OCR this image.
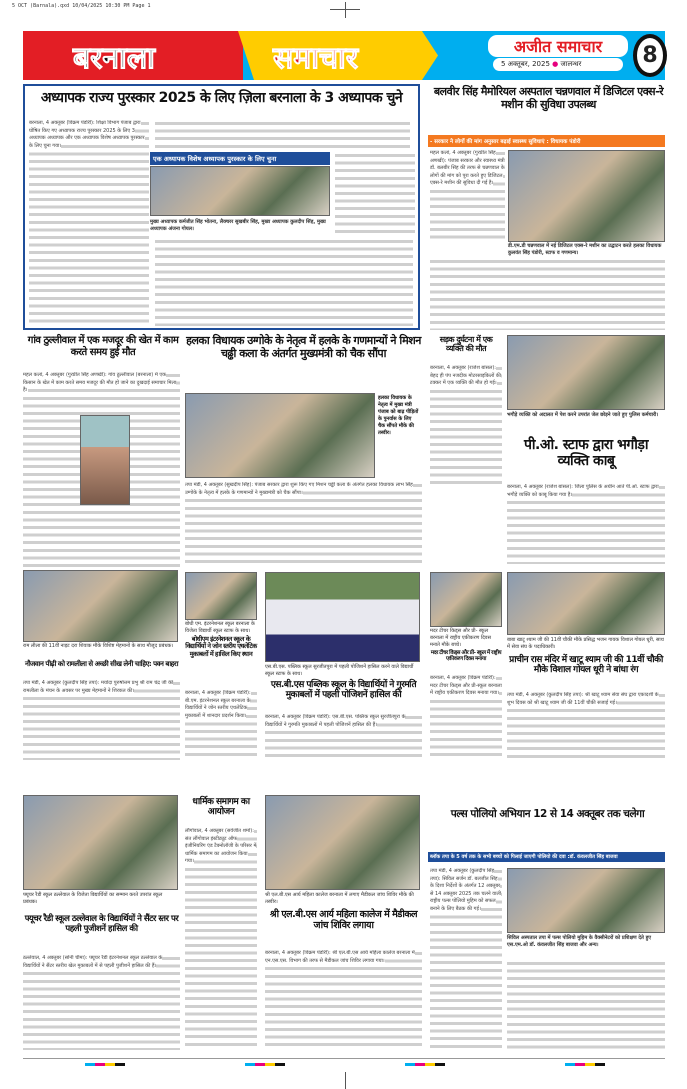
5 OCT (Barnala).qxd 10/04/2025 10:30 PM Page 1
बरनाला	समाचार	अजीत समाचार
5 अक्तूबर, 2025 ● जालन्धर	8
अध्यापक राज्य पुरस्कार 2025 के लिए ज़िला बरनाला के 3 अध्यापक चुने
बरनाला, 4 अक्तूबर (विक्रम पंडोरी): शिक्षा विभाग पंजाब द्वारा घोषित किए गए अध्यापक राज्य पुरस्कार 2025 के लिए 3 अध्यापक अध्यापक और एक अध्यापक विशेष अध्यापक पुरस्कार के लिए चुना गया।
एक अध्यापक विशेष अध्यापक पुरस्कार के लिए चुना
मुख्य अध्यापक कर्मजीत सिंह भोतना, लैक्चरर सुखबीर सिंह, मुख्य अध्यापक कुलदीप सिंह, मुख्य अध्यापक अंजना गोयल।
बलवीर सिंह मैमोरियल अस्पताल चन्नणवाल में डिजिटल एक्स-रे मशीन की सुविधा उपलब्ध
- सरकार ने लोगों की मांग अनुसार बढ़ाई स्वास्थ्य सुविधाएं : विधायक पंडोरी
महल कलां, 4 अक्तूबर (गुरप्रीत सिंह अणखी): पंजाब सरकार और स्वास्थ्य मंत्री डॉ. बलबीर सिंह की तरफ से चन्नणवाल के लोगों की मांग को पूरा करते हुए डिजिटल एक्स-रे मशीन की सुविधा दी गई है।
डी.एम.डी चन्नणवाल में नई डिजिटल एक्स-रे मशीन का उद्घाटन करते हलका विधायक कुलवंत सिंह पंडोरी, स्टाफ व गणमान्य।
गांव ठुल्लीवाल में एक मजदूर की खेत में काम करते समय हुई मौत
महल कलां, 4 अक्तूबर (गुरप्रीत सिंह अणखी): गांव ठुल्लीवाल (बरनाला) में एक किसान के खेत में काम करते समय मजदूर की मौत हो जाने का दुखदाई समाचार मिला है।
हलका विधायक उग्गोके के नेतृत्व में हलके के गणमान्यों ने मिशन चढ्ढी कला के अंतर्गत मुख्यमंत्री को चैक सौंपा
हलका विधायक के नेतृत्व में मुख्य मंत्री पंजाब को बाढ़ पीड़ितों के पुनर्वास के लिए चैक सौंपते मौके की तस्वीर।
तपा मंडी, 4 अक्तूबर (सुखदीप सिंह): पंजाब सरकार द्वारा शुरू किए गए मिशन चढ्ढी कला के अंतर्गत हलका विधायक लाभ सिंह उग्गोके के नेतृत्व में हलके के गणमान्यों ने मुख्यमंत्री को चैक सौंपा।
सड़क दुर्घटना में एक व्यक्ति की मौत
बरनाला, 4 अक्तूबर (राजेश बांसल): बेहद ही पंप नजदीक मोटरसाइकिलों की टक्कर में एक व्यक्ति की मौत हो गई।
भगौड़े व्यक्ति को अदालत में पेश करने उपरांत जेल छोड़ने जाते हुए पुलिस कर्मचारी।
पी.ओ. स्टाफ द्वारा भगौड़ा व्यक्ति काबू
बरनाला, 4 अक्तूबर (राजेश बांसल): जिला पुलिस के अधीन आते पी.ओ. स्टाफ द्वारा भगौड़े व्यक्ति को काबू किया गया है।
राम लीला की 11वीं नाइट दरा शिवाक मौके विशिष्ट मेहमानों के साथ मौजूद प्रबंधक।
नौजवान पीढ़ी को रामलीला से अच्छी सीख लेनी चाहिए: पवन बाहरा
तपा मंडी, 4 अक्तूबर (कुलदीप सिंह तपा): मर्यादा पुरुषोत्तम प्रभु श्री राम चंद्र जी की रामलीला के मंचन के अवसर पर मुख्य मेहमानों ने शिरकत की।
बोधी एम. इंटरनेशनल स्कूल बरनाला के विजेता विद्यार्थी स्कूल स्टाफ के साथ।
बोधीएम इंटरनेशनल स्कूल के विद्यार्थियों ने जोन स्तरीय एथलेटिक मुकाबलों में हासिल किए स्थान
बरनाला, 4 अक्तूबर (विक्रम पंडोरी): बी.एम. इंटरनेशनल स्कूल बरनाला के विद्यार्थियों ने जोन स्तरीय एथलेटिक मुकाबलों में शानदार प्रदर्शन किया।
एस.बी.एस. पब्लिक स्कूल सुरजीतपुरा में पहली पोजिशनें हासिल करने वाले विद्यार्थी स्कूल स्टाफ के साथ।
एस.बी.एस पब्लिक स्कूल के विद्यार्थियों ने गुरमति मुकाबलों में पहली पोजिशनें हासिल की
बरनाला, 4 अक्तूबर (विक्रम पंडोरी): एस.बी.एस. पब्लिक स्कूल सुरजीतपुरा के विद्यार्थियों ने गुरमति मुकाबलों में पहली पोजिशनें हासिल की हैं।
मदर टीचर किड्स और प्री- स्कूल बरनाला में राष्ट्रीय एकीकरण दिवस मनाते मौके बच्चे।
मदर टीचर किड्स और प्री- स्कूल में राष्ट्रीय एकीकरण दिवस मनाया
बरनाला, 4 अक्तूबर (विक्रम पंडोरी): मदर टीचर किड्स और प्री-स्कूल बरनाला में राष्ट्रीय एकीकरण दिवस मनाया गया।
बाबा खाटू श्याम जी की 11वीं चौकी मौके प्रसिद्ध भजन गायक विशाल गोयल धूरी, साथ में सेवा संघ के पदाधिकारी।
प्राचीन रास मंदिर में खाटू श्याम जी की 11वीं चौकी मौके विशाल गोयल धूरी ने बांधा रंग
तपा मंडी, 4 अक्तूबर (कुलदीप सिंह तपा): श्री खाटू श्याम सेवा संघ द्वारा एकादशी के शुभ दिवस को श्री खाटू श्याम जी की 11वीं चौकी सजाई गई।
फ्यूचर रैडी स्कूल ठल्लेवाल के विजेता विद्यार्थियों का सम्मान करते उपरांत स्कूल प्रबंधक।
फ्यूचर रैडी स्कूल ठल्लेवाल के विद्यार्थियों ने सैंटर स्तर पर पहली पुजीशनें हासिल की
ठल्लेवाल, 4 अक्तूबर (सोनी चीमा): फ्यूचर रैडी इंटरनेशनल स्कूल ठल्लेवाल के विद्यार्थियों ने सैंटर स्तरीय खेल मुकाबलों में से पहली पुजीशनें हासिल की हैं।
धार्मिक समागम का आयोजन
लौंगोवाल, 4 अक्तूबर (सर्वजीत शर्मा): संत लौंगोवाल इंस्टीट्यूट ऑफ इंजीनियरिंग एंड टैक्नोलॉजी के परिसर में धार्मिक समागम का आयोजन किया गया।
श्री एल.बी.एस आर्य महिला कालेज बरनाला में लगाए मैडीकल जांच शिविर मौके की तस्वीर।
श्री एल.बी.एस आर्य महिला कालेज में मैडीकल जांच शिविर लगाया
बरनाला, 4 अक्तूबर (विक्रम पंडोरी): श्री एल.बी.एस आर्य महिला कालेज बरनाला में एन.एस.एस. विभाग की तरफ से मैडीकल जांच शिविर लगाया गया।
पल्स पोलियो अभियान 12 से 14 अक्तूबर तक चलेगा
ब्लॉक तपा के 5 वर्ष तक के सभी बच्चों को पिलाई जाएगी पोलियो की दवा :डॉ. कंवलजीत सिंह बाजवा
तपा मंडी, 4 अक्तूबर (कुलदीप सिंह तपा): सिविल सर्जन डॉ. बलजीत सिंह के दिशा निर्देशों के अंतर्गत 12 अक्तूबर से 14 अक्तूबर 2025 तक चलने वाली राष्ट्रीय पल्स पोलियो मुहिम को सफल बनाने के लिए बैठक की गई।
सिविल अस्पताल तपा में पल्स पोलियो मुहिम के वैक्सीनेटरों को प्रशिक्षण देते हुए एस.एम.ओ डॉ. कंवलजीत सिंह बाजवा और अन्य।
